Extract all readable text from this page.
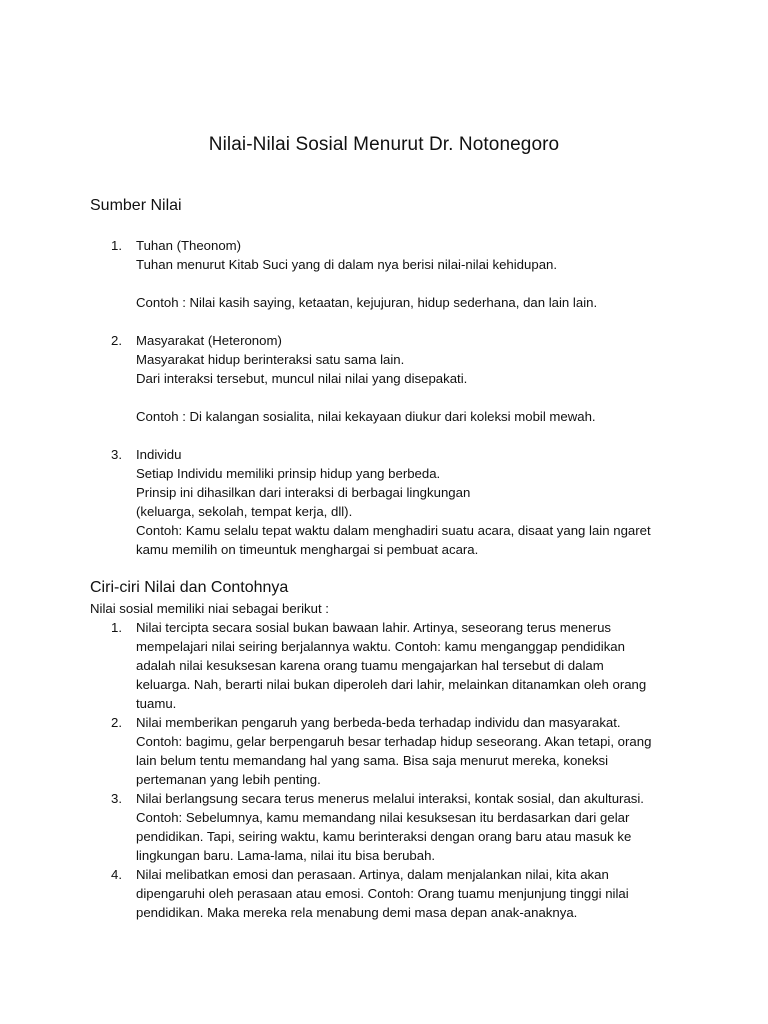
Nilai-Nilai Sosial Menurut Dr. Notonegoro
Sumber Nilai
1. Tuhan (Theonom)
Tuhan menurut Kitab Suci yang di dalam nya berisi nilai-nilai kehidupan.
Contoh : Nilai kasih saying, ketaatan, kejujuran, hidup sederhana, dan lain lain.
2. Masyarakat (Heteronom)
Masyarakat hidup berinteraksi satu sama lain.
Dari interaksi tersebut, muncul nilai nilai yang disepakati.
Contoh : Di kalangan sosialita, nilai kekayaan diukur dari koleksi mobil mewah.
3. Individu
Setiap Individu memiliki prinsip hidup yang berbeda.
Prinsip ini dihasilkan dari interaksi di berbagai lingkungan
(keluarga, sekolah, tempat kerja, dll).
Contoh: Kamu selalu tepat waktu dalam menghadiri suatu acara, disaat yang lain ngaret
kamu memilih on timeuntuk menghargai si pembuat acara.
Ciri-ciri Nilai dan Contohnya
Nilai sosial memiliki niai sebagai berikut :
1. Nilai tercipta secara sosial bukan bawaan lahir. Artinya, seseorang terus menerus
mempelajari nilai seiring berjalannya waktu. Contoh: kamu menganggap pendidikan
adalah nilai kesuksesan karena orang tuamu mengajarkan hal tersebut di dalam
keluarga. Nah, berarti nilai bukan diperoleh dari lahir, melainkan ditanamkan oleh orang
tuamu.
2. Nilai memberikan pengaruh yang berbeda-beda terhadap individu dan masyarakat.
Contoh: bagimu, gelar berpengaruh besar terhadap hidup seseorang. Akan tetapi, orang
lain belum tentu memandang hal yang sama. Bisa saja menurut mereka, koneksi
pertemanan yang lebih penting.
3. Nilai berlangsung secara terus menerus melalui interaksi, kontak sosial, dan akulturasi.
Contoh: Sebelumnya, kamu memandang nilai kesuksesan itu berdasarkan dari gelar
pendidikan. Tapi, seiring waktu, kamu berinteraksi dengan orang baru atau masuk ke
lingkungan baru. Lama-lama, nilai itu bisa berubah.
4. Nilai melibatkan emosi dan perasaan. Artinya, dalam menjalankan nilai, kita akan
dipengaruhi oleh perasaan atau emosi. Contoh: Orang tuamu menjunjung tinggi nilai
pendidikan. Maka mereka rela menabung demi masa depan anak-anaknya.
